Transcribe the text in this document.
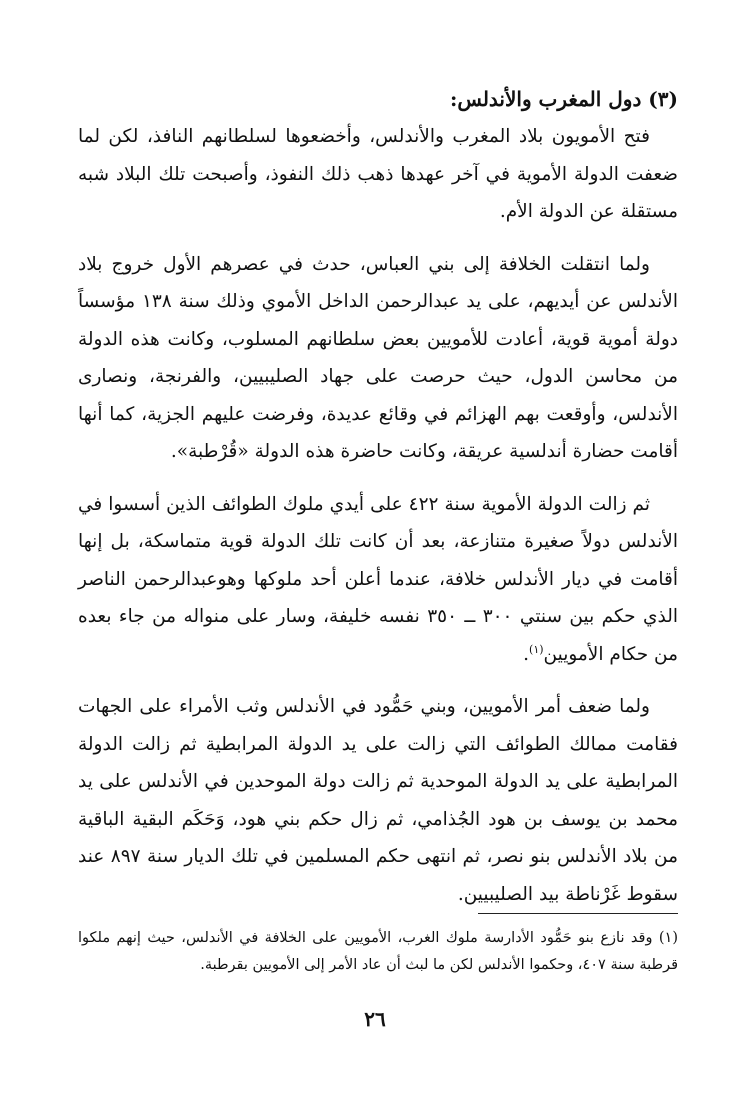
(٣) دول المغرب والأندلس:

فتح الأمويون بلاد المغرب والأندلس، وأخضعوها لسلطانهم النافذ، لكن لما ضعفت الدولة الأموية في آخر عهدها ذهب ذلك النفوذ، وأصبحت تلك البلاد شبه مستقلة عن الدولة الأم.

ولما انتقلت الخلافة إلى بني العباس، حدث في عصرهم الأول خروج بلاد الأندلس عن أيديهم، على يد عبدالرحمن الداخل الأموي وذلك سنة ١٣٨ مؤسساً دولة أموية قوية، أعادت للأمويين بعض سلطانهم المسلوب، وكانت هذه الدولة من محاسن الدول، حيث حرصت على جهاد الصليبيين، والفرنجة، ونصارى الأندلس، وأوقعت بهم الهزائم في وقائع عديدة، وفرضت عليهم الجزية، كما أنها أقامت حضارة أندلسية عريقة، وكانت حاضرة هذه الدولة «قُرْطبة».

ثم زالت الدولة الأموية سنة ٤٢٢ على أيدي ملوك الطوائف الذين أسسوا في الأندلس دولاً صغيرة متنازعة، بعد أن كانت تلك الدولة قوية متماسكة، بل إنها أقامت في ديار الأندلس خلافة، عندما أعلن أحد ملوكها وهوعبدالرحمن الناصر الذي حكم بين سنتي ٣٠٠ ــ ٣٥٠ نفسه خليفة، وسار على منواله من جاء بعده من حكام الأمويين$^{(١)}$.

ولما ضعف أمر الأمويين، وبني حَمُّود في الأندلس وثب الأمراء على الجهات فقامت ممالك الطوائف التي زالت على يد الدولة المرابطية ثم زالت الدولة المرابطية على يد الدولة الموحدية ثم زالت دولة الموحدين في الأندلس على يد محمد بن يوسف بن هود الجُذامي، ثم زال حكم بني هود، وَحَكَم البقية الباقية من بلاد الأندلس بنو نصر، ثم انتهى حكم المسلمين في تلك الديار سنة ٨٩٧ عند سقوط غَرْناطة بيد الصليبيين.

(١) وقد نازع بنو حَمُّود الأدارسة ملوك الغرب، الأمويين على الخلافة في الأندلس، حيث إنهم ملكوا قرطبة سنة ٤٠٧، وحكموا الأندلس لكن ما لبث أن عاد الأمر إلى الأمويين بقرطبة.
٢٦
